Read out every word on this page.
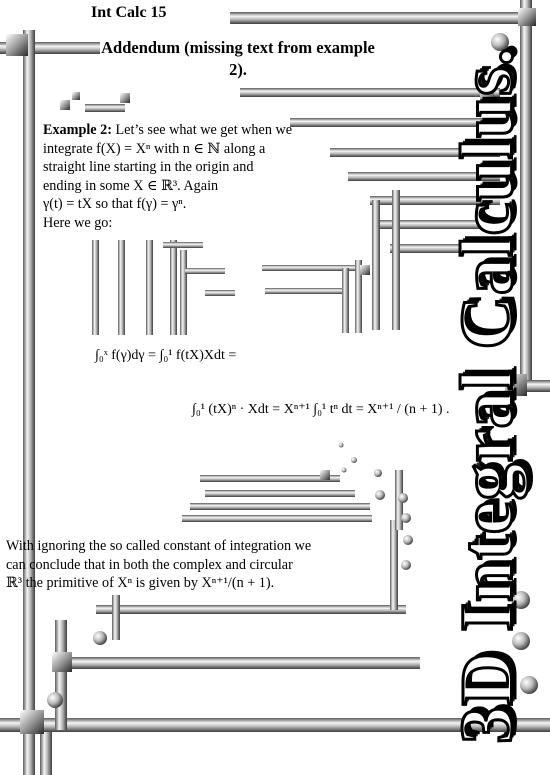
Int Calc 15
Addendum (missing text from example 2).
Example 2: Let’s see what we get when we
integrate f(X) = Xⁿ with n ∈ ℕ along a
straight line starting in the origin and
ending in some X ∈ ℝ³. Again
γ(t) = tX so that f(γ) = γⁿ.
Here we go:
∫₀ˣ f(γ)dγ = ∫₀¹ f(tX)Xdt =
∫₀¹ (tX)ⁿ · Xdt = Xⁿ⁺¹ ∫₀¹ tⁿ dt = Xⁿ⁺¹ / (n + 1) .
With ignoring the so called constant of integration we
can conclude that in both the complex and circular
ℝ³ the primitive of Xⁿ is given by Xⁿ⁺¹/(n + 1).	3D Integral Calculus.
